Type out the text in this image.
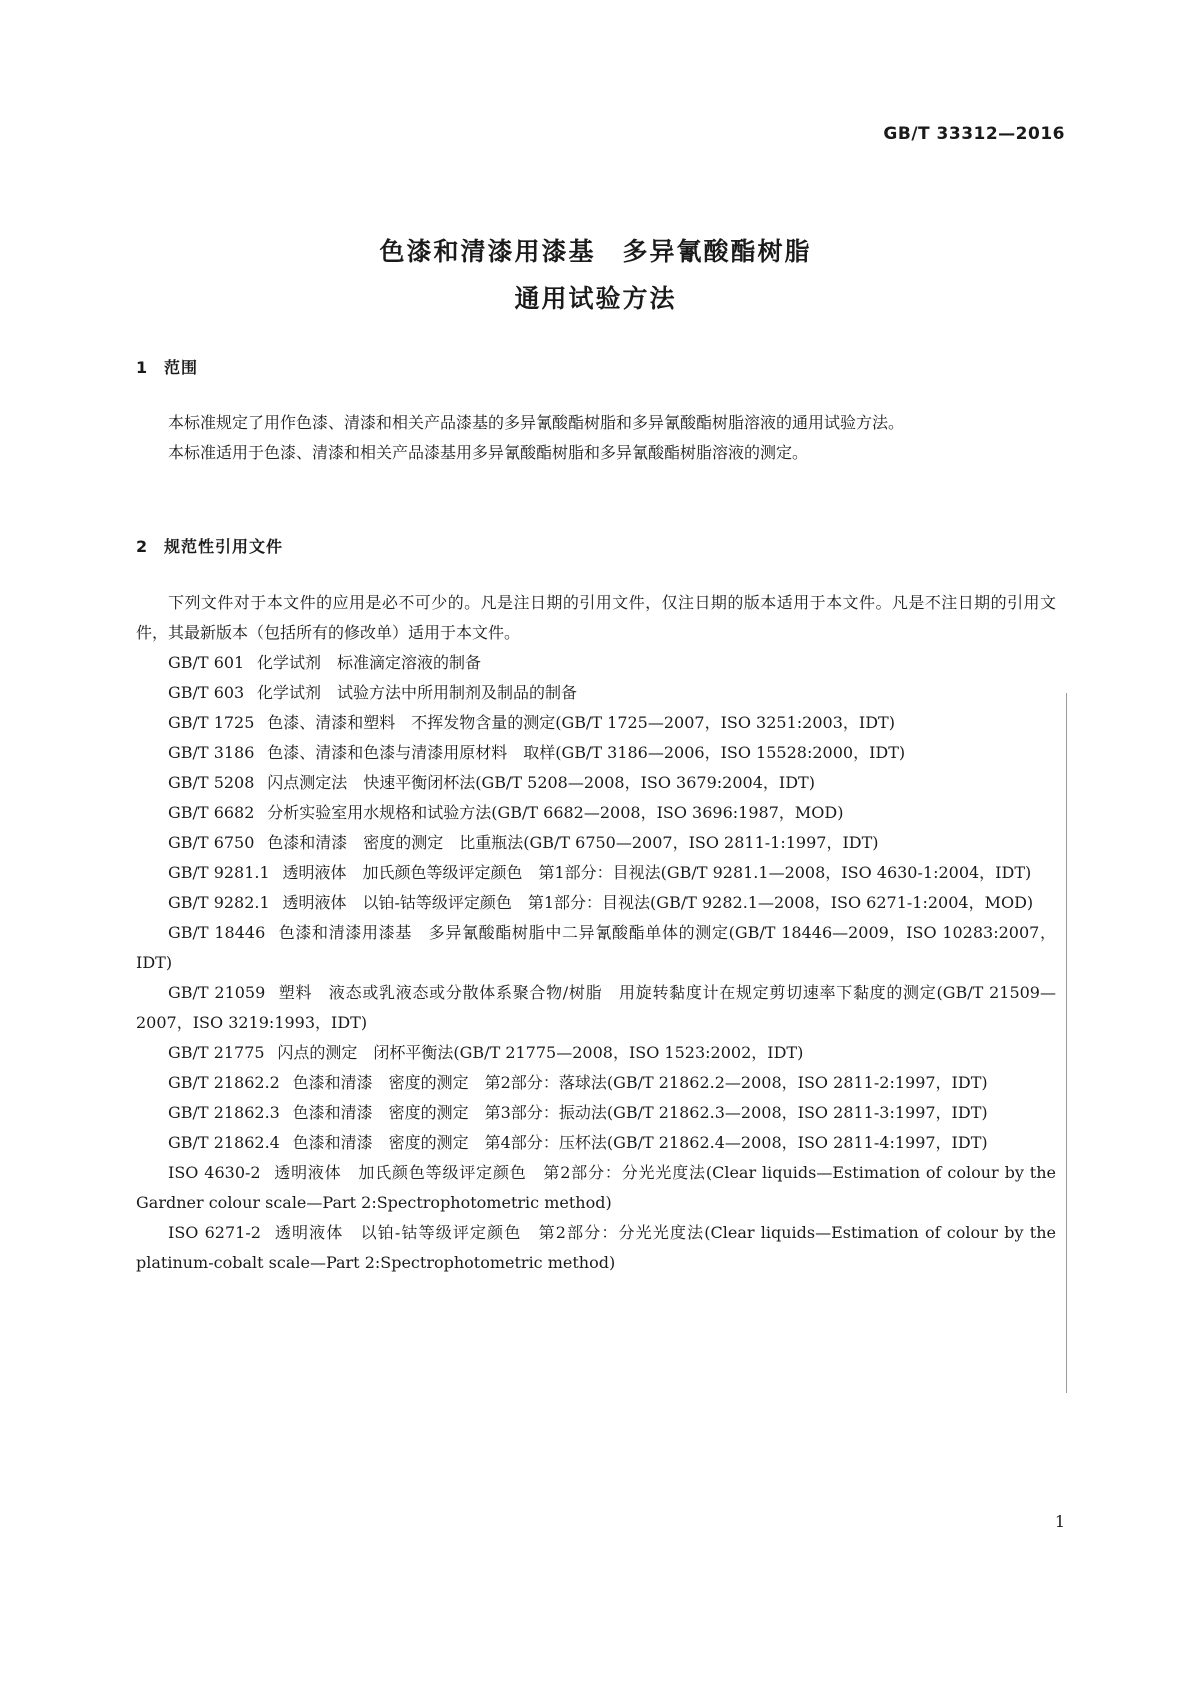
GB/T 33312—2016
色漆和清漆用漆基　多异氰酸酯树脂
通用试验方法
1 范围

本标准规定了用作色漆、清漆和相关产品漆基的多异氰酸酯树脂和多异氰酸酯树脂溶液的通用试验方法。

本标准适用于色漆、清漆和相关产品漆基用多异氰酸酯树脂和多异氰酸酯树脂溶液的测定。

2 规范性引用文件

下列文件对于本文件的应用是必不可少的。凡是注日期的引用文件，仅注日期的版本适用于本文件。凡是不注日期的引用文件，其最新版本（包括所有的修改单）适用于本文件。

GB/T 601 化学试剂　标准滴定溶液的制备
GB/T 603 化学试剂　试验方法中所用制剂及制品的制备
GB/T 1725 色漆、清漆和塑料　不挥发物含量的测定(GB/T 1725—2007，ISO 3251:2003，IDT)
GB/T 3186 色漆、清漆和色漆与清漆用原材料　取样(GB/T 3186—2006，ISO 15528:2000，IDT)
GB/T 5208 闪点测定法　快速平衡闭杯法(GB/T 5208—2008，ISO 3679:2004，IDT)
GB/T 6682 分析实验室用水规格和试验方法(GB/T 6682—2008，ISO 3696:1987，MOD)
GB/T 6750 色漆和清漆　密度的测定　比重瓶法(GB/T 6750—2007，ISO 2811-1:1997，IDT)
GB/T 9281.1 透明液体　加氏颜色等级评定颜色　第1部分：目视法(GB/T 9281.1—2008，ISO 4630-1:2004，IDT)
GB/T 9282.1 透明液体　以铂-钴等级评定颜色　第1部分：目视法(GB/T 9282.1—2008，ISO 6271-1:2004，MOD)
GB/T 18446 色漆和清漆用漆基　多异氰酸酯树脂中二异氰酸酯单体的测定(GB/T 18446—2009，ISO 10283:2007，IDT)
GB/T 21059 塑料　液态或乳液态或分散体系聚合物/树脂　用旋转黏度计在规定剪切速率下黏度的测定(GB/T 21509—2007，ISO 3219:1993，IDT)
GB/T 21775 闪点的测定　闭杯平衡法(GB/T 21775—2008，ISO 1523:2002，IDT)
GB/T 21862.2 色漆和清漆　密度的测定　第2部分：落球法(GB/T 21862.2—2008，ISO 2811-2:1997，IDT)
GB/T 21862.3 色漆和清漆　密度的测定　第3部分：振动法(GB/T 21862.3—2008，ISO 2811-3:1997，IDT)
GB/T 21862.4 色漆和清漆　密度的测定　第4部分：压杯法(GB/T 21862.4—2008，ISO 2811-4:1997，IDT)
ISO 4630-2 透明液体　加氏颜色等级评定颜色　第2部分：分光光度法(Clear liquids—Estimation of colour by the Gardner colour scale—Part 2:Spectrophotometric method)
ISO 6271-2 透明液体　以铂-钴等级评定颜色　第2部分：分光光度法(Clear liquids—Estimation of colour by the platinum-cobalt scale—Part 2:Spectrophotometric method)
1
